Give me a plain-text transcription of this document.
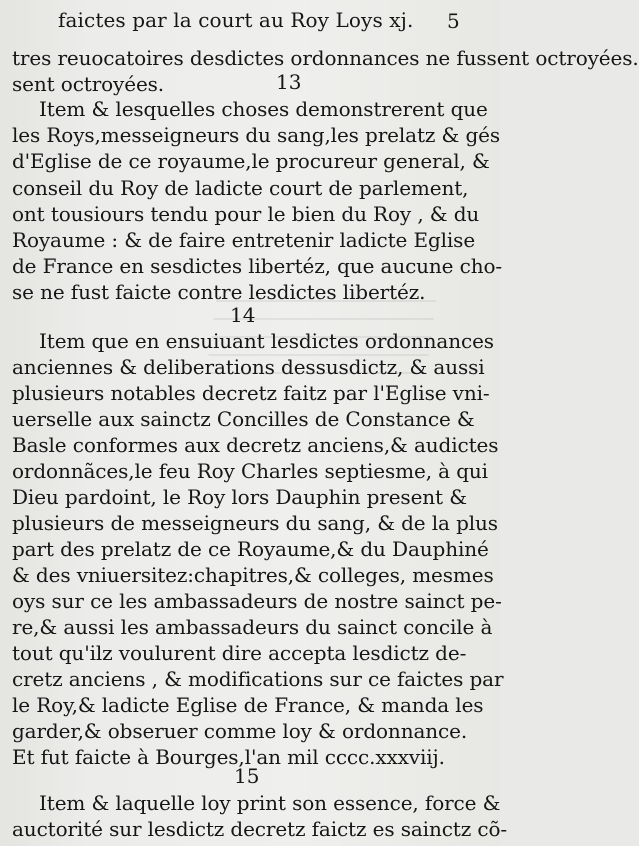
faictes par la court au Roy Loys xj. 5
tres reuocatoires desdictes ordonnances ne fussent octroyées.
sent octroyées.	13
Item & lesquelles choses demonstrerent que
les Roys,messeigneurs du sang,les prelatz & gés
d'Eglise de ce royaume,le procureur general, &
conseil du Roy de ladicte court de parlement,
ont tousiours tendu pour le bien du Roy , & du
Royaume : & de faire entretenir ladicte Eglise
de France en sesdictes libertéz, que aucune cho-
se ne fust faicte contre lesdictes libertéz.
14
Item que en ensuiuant lesdictes ordonnances
anciennes & deliberations dessusdictz, & aussi
plusieurs notables decretz faitz par l'Eglise vni-
uerselle aux sainctz Concilles de Constance &
Basle conformes aux decretz anciens,& audictes
ordonnãces,le feu Roy Charles septiesme, à qui
Dieu pardoint, le Roy lors Dauphin present &
plusieurs de messeigneurs du sang, & de la plus
part des prelatz de ce Royaume,& du Dauphiné
& des vniuersitez:chapitres,& colleges, mesmes
oys sur ce les ambassadeurs de nostre sainct pe-
re,& aussi les ambassadeurs du sainct concile à
tout qu'ilz voulurent dire accepta lesdictz de-
cretz anciens , & modifications sur ce faictes par
le Roy,& ladicte Eglise de France, & manda les
garder,& obseruer comme loy & ordonnance.
Et fut faicte à Bourges,l'an mil cccc.xxxviij.
15
Item & laquelle loy print son essence, force &
auctorité sur lesdictz decretz faictz es sainctz cõ-
